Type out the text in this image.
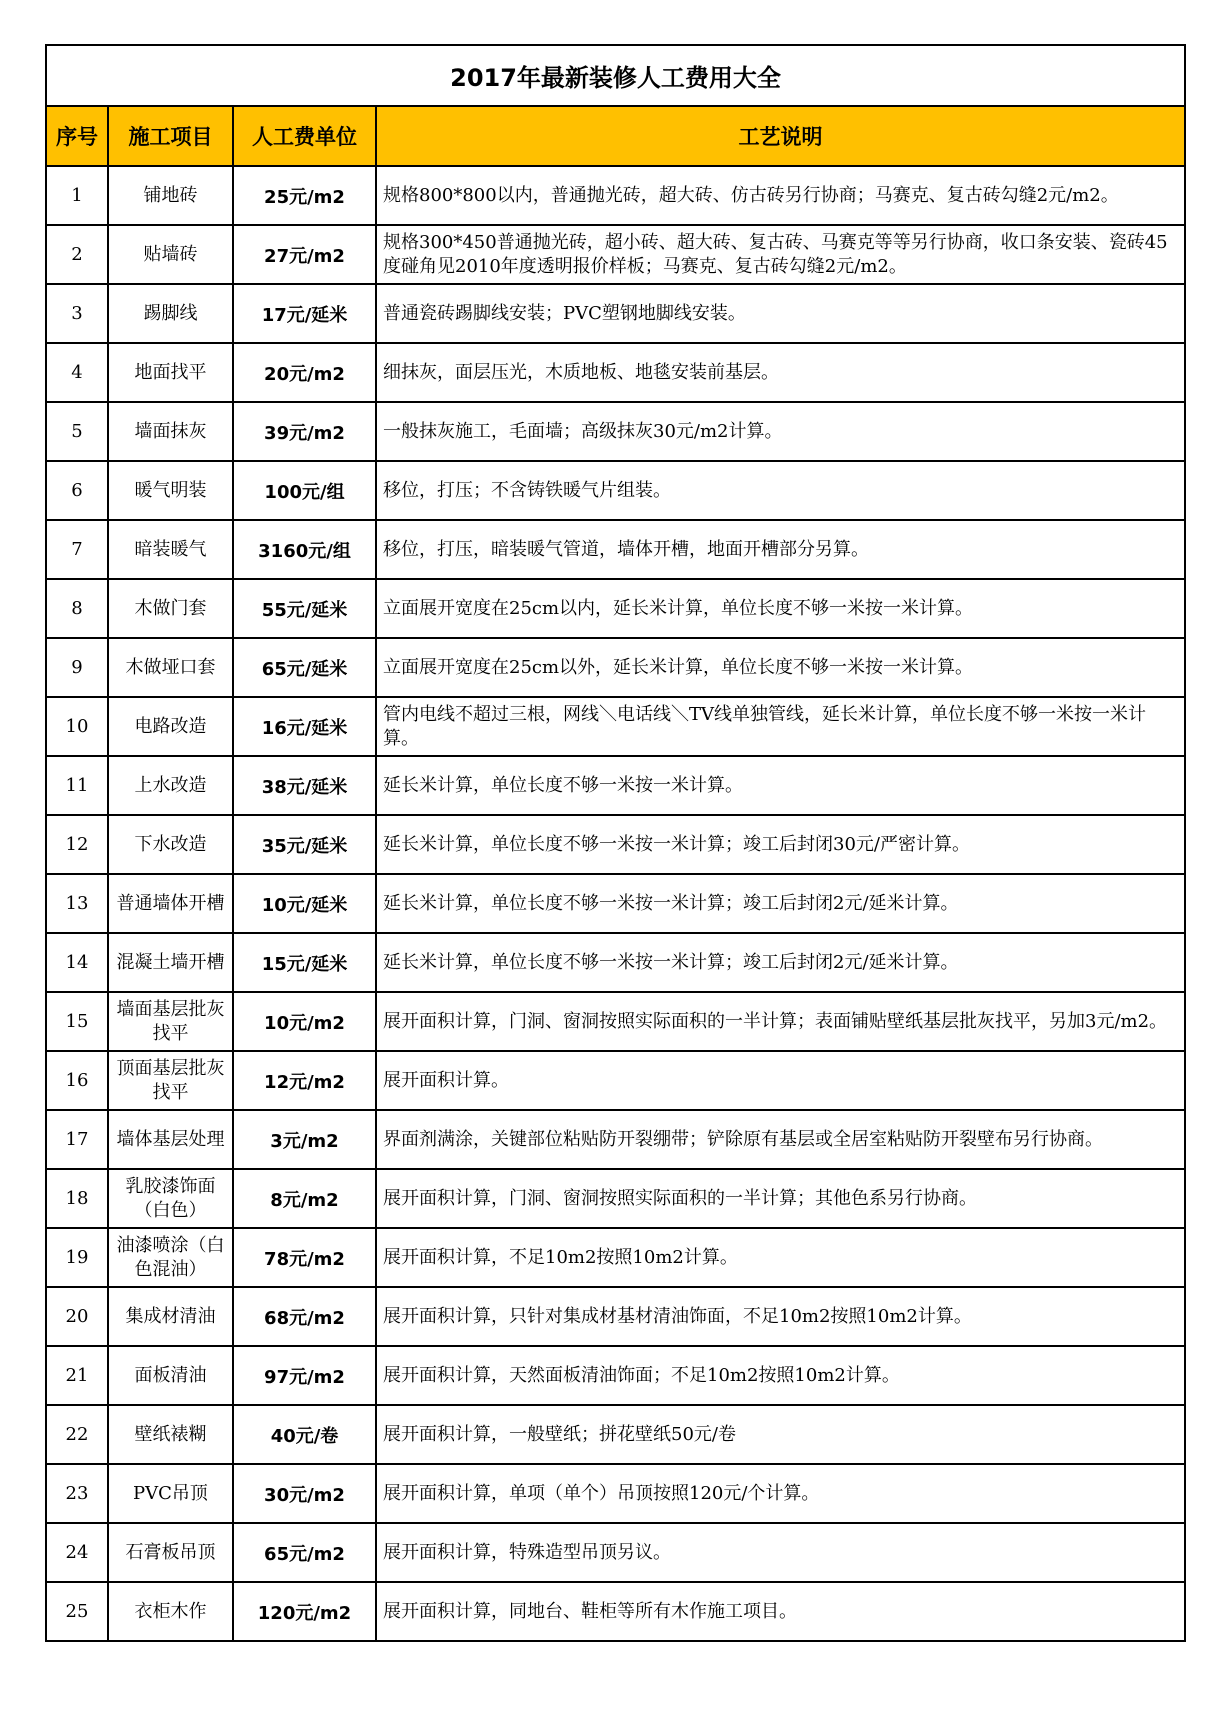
2017年最新装修人工费用大全			
序号	施工项目	人工费单位	工艺说明
1	铺地砖	25元/m2	规格800*800以内，普通抛光砖，超大砖、仿古砖另行协商；马赛克、复古砖勾缝2元/m2。
2	贴墙砖	27元/m2	规格300*450普通抛光砖，超小砖、超大砖、复古砖、马赛克等等另行协商，收口条安装、瓷砖45度碰角见2010年度透明报价样板；马赛克、复古砖勾缝2元/m2。
3	踢脚线	17元/延米	普通瓷砖踢脚线安装；PVC塑钢地脚线安装。
4	地面找平	20元/m2	细抹灰，面层压光，木质地板、地毯安装前基层。
5	墙面抹灰	39元/m2	一般抹灰施工，毛面墙；高级抹灰30元/m2计算。
6	暖气明装	100元/组	移位，打压；不含铸铁暖气片组装。
7	暗装暖气	3160元/组	移位，打压，暗装暖气管道，墙体开槽，地面开槽部分另算。
8	木做门套	55元/延米	立面展开宽度在25cm以内，延长米计算，单位长度不够一米按一米计算。
9	木做垭口套	65元/延米	立面展开宽度在25cm以外，延长米计算，单位长度不够一米按一米计算。
10	电路改造	16元/延米	管内电线不超过三根，网线＼电话线＼TV线单独管线，延长米计算，单位长度不够一米按一米计算。
11	上水改造	38元/延米	延长米计算，单位长度不够一米按一米计算。
12	下水改造	35元/延米	延长米计算，单位长度不够一米按一米计算；竣工后封闭30元/严密计算。
13	普通墙体开槽	10元/延米	延长米计算，单位长度不够一米按一米计算；竣工后封闭2元/延米计算。
14	混凝土墙开槽	15元/延米	延长米计算，单位长度不够一米按一米计算；竣工后封闭2元/延米计算。
15	墙面基层批灰找平	10元/m2	展开面积计算，门洞、窗洞按照实际面积的一半计算；表面铺贴壁纸基层批灰找平，另加3元/m2。
16	顶面基层批灰找平	12元/m2	展开面积计算。
17	墙体基层处理	3元/m2	界面剂满涂，关键部位粘贴防开裂绷带；铲除原有基层或全居室粘贴防开裂壁布另行协商。
18	乳胶漆饰面（白色）	8元/m2	展开面积计算，门洞、窗洞按照实际面积的一半计算；其他色系另行协商。
19	油漆喷涂（白色混油）	78元/m2	展开面积计算，不足10m2按照10m2计算。
20	集成材清油	68元/m2	展开面积计算，只针对集成材基材清油饰面，不足10m2按照10m2计算。
21	面板清油	97元/m2	展开面积计算，天然面板清油饰面；不足10m2按照10m2计算。
22	壁纸裱糊	40元/卷	展开面积计算，一般壁纸；拼花壁纸50元/卷
23	PVC吊顶	30元/m2	展开面积计算，单项（单个）吊顶按照120元/个计算。
24	石膏板吊顶	65元/m2	展开面积计算，特殊造型吊顶另议。
25	衣柜木作	120元/m2	展开面积计算，同地台、鞋柜等所有木作施工项目。
